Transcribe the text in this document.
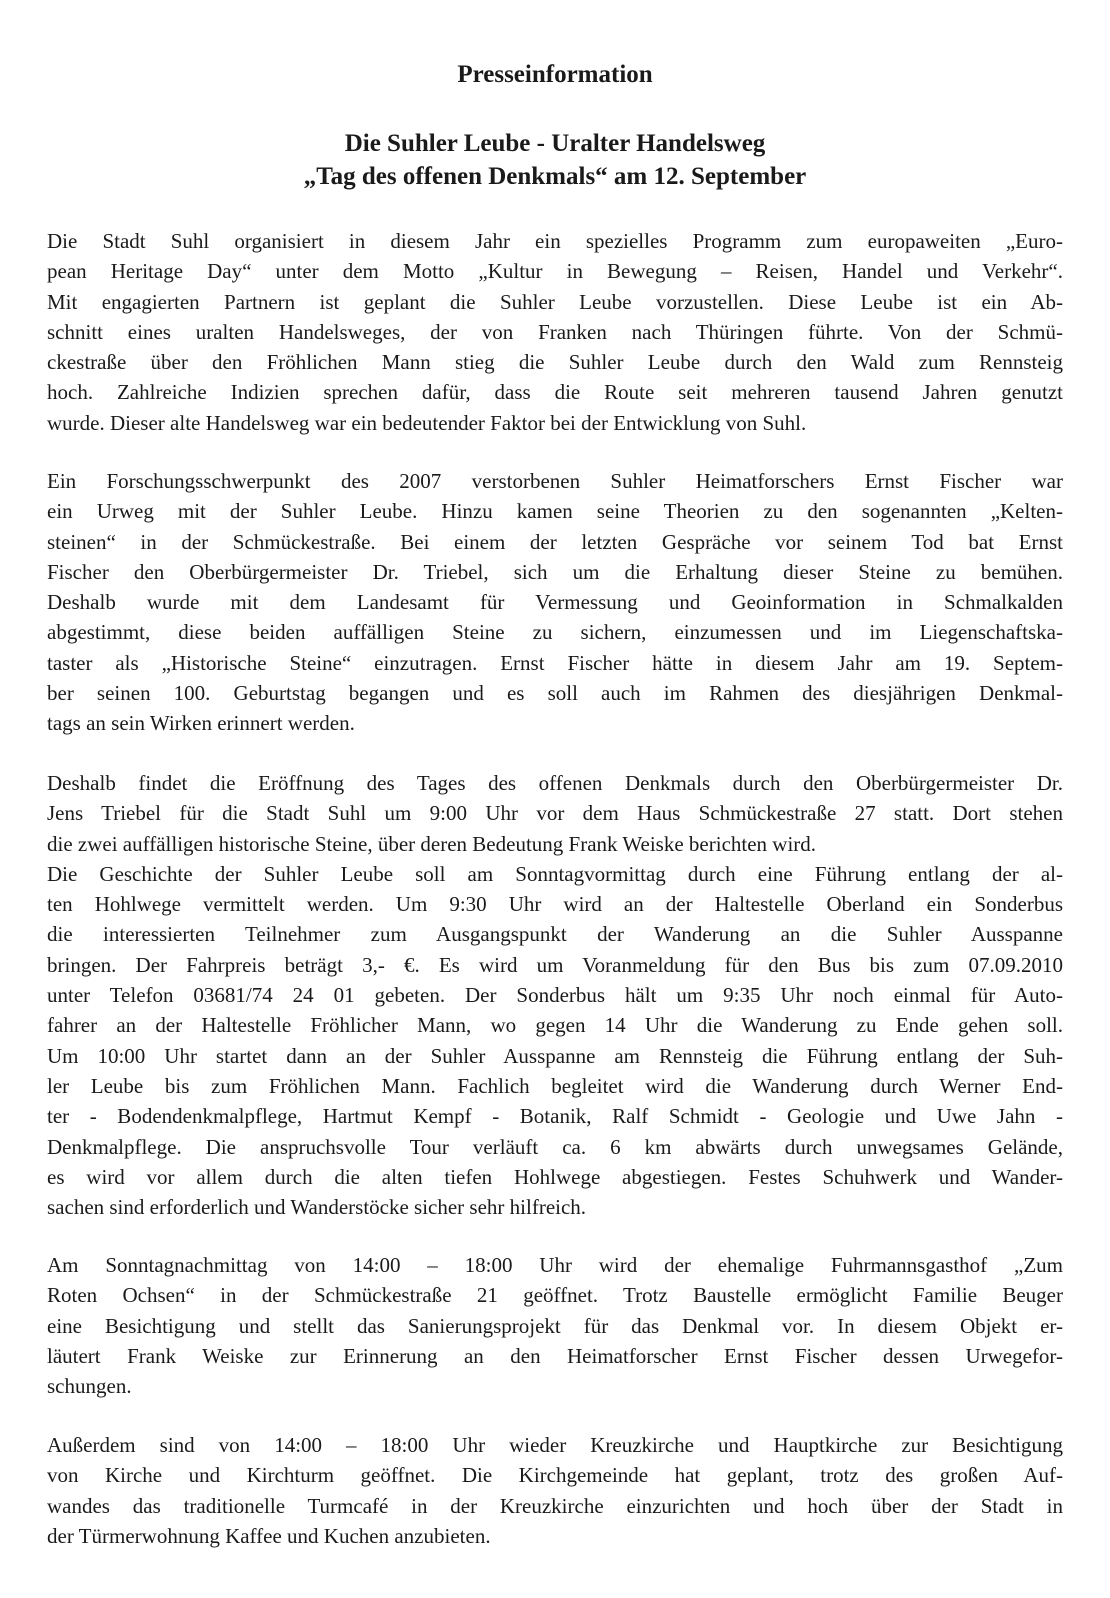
Presseinformation
Die Suhler Leube - Uralter Handelsweg
„Tag des offenen Denkmals“ am 12. September
Die Stadt Suhl organisiert in diesem Jahr ein spezielles Programm zum europaweiten „Euro-
pean Heritage Day“ unter dem Motto „Kultur in Bewegung – Reisen, Handel und Verkehr“.
Mit engagierten Partnern ist geplant die Suhler Leube vorzustellen. Diese Leube ist ein Ab-
schnitt eines uralten Handelsweges, der von Franken nach Thüringen führte. Von der Schmü-
ckestraße über den Fröhlichen Mann stieg die Suhler Leube durch den Wald zum Rennsteig
hoch. Zahlreiche Indizien sprechen dafür, dass die Route seit mehreren tausend Jahren genutzt
wurde. Dieser alte Handelsweg war ein bedeutender Faktor bei der Entwicklung von Suhl.
Ein Forschungsschwerpunkt des 2007 verstorbenen Suhler Heimatforschers Ernst Fischer war
ein Urweg mit der Suhler Leube. Hinzu kamen seine Theorien zu den sogenannten „Kelten-
steinen“ in der Schmückestraße. Bei einem der letzten Gespräche vor seinem Tod bat Ernst
Fischer den Oberbürgermeister Dr. Triebel, sich um die Erhaltung dieser Steine zu bemühen.
Deshalb wurde mit dem Landesamt für Vermessung und Geoinformation in Schmalkalden
abgestimmt, diese beiden auffälligen Steine zu sichern, einzumessen und im Liegenschaftska-
taster als „Historische Steine“ einzutragen. Ernst Fischer hätte in diesem Jahr am 19. Septem-
ber seinen 100. Geburtstag begangen und es soll auch im Rahmen des diesjährigen Denkmal-
tags an sein Wirken erinnert werden.
Deshalb findet die Eröffnung des Tages des offenen Denkmals durch den Oberbürgermeister Dr.
Jens Triebel für die Stadt Suhl um 9:00 Uhr vor dem Haus Schmückestraße 27 statt. Dort stehen
die zwei auffälligen historische Steine, über deren Bedeutung Frank Weiske berichten wird.
Die Geschichte der Suhler Leube soll am Sonntagvormittag durch eine Führung entlang der al-
ten Hohlwege vermittelt werden. Um 9:30 Uhr wird an der Haltestelle Oberland ein Sonderbus
die interessierten Teilnehmer zum Ausgangspunkt der Wanderung an die Suhler Ausspanne
bringen. Der Fahrpreis beträgt 3,- €. Es wird um Voranmeldung für den Bus bis zum 07.09.2010
unter Telefon 03681/74 24 01 gebeten. Der Sonderbus hält um 9:35 Uhr noch einmal für Auto-
fahrer an der Haltestelle Fröhlicher Mann, wo gegen 14 Uhr die Wanderung zu Ende gehen soll.
Um 10:00 Uhr startet dann an der Suhler Ausspanne am Rennsteig die Führung entlang der Suh-
ler Leube bis zum Fröhlichen Mann. Fachlich begleitet wird die Wanderung durch Werner End-
ter - Bodendenkmalpflege, Hartmut Kempf - Botanik, Ralf Schmidt - Geologie und Uwe Jahn -
Denkmalpflege. Die anspruchsvolle Tour verläuft ca. 6 km abwärts durch unwegsames Gelände,
es wird vor allem durch die alten tiefen Hohlwege abgestiegen. Festes Schuhwerk und Wander-
sachen sind erforderlich und Wanderstöcke sicher sehr hilfreich.
Am Sonntagnachmittag von 14:00 – 18:00 Uhr wird der ehemalige Fuhrmannsgasthof „Zum
Roten Ochsen“ in der Schmückestraße 21 geöffnet. Trotz Baustelle ermöglicht Familie Beuger
eine Besichtigung und stellt das Sanierungsprojekt für das Denkmal vor. In diesem Objekt er-
läutert Frank Weiske zur Erinnerung an den Heimatforscher Ernst Fischer dessen Urwegefor-
schungen.
Außerdem sind von 14:00 – 18:00 Uhr wieder Kreuzkirche und Hauptkirche zur Besichtigung
von Kirche und Kirchturm geöffnet. Die Kirchgemeinde hat geplant, trotz des großen Auf-
wandes das traditionelle Turmcafé in der Kreuzkirche einzurichten und hoch über der Stadt in
der Türmerwohnung Kaffee und Kuchen anzubieten.
